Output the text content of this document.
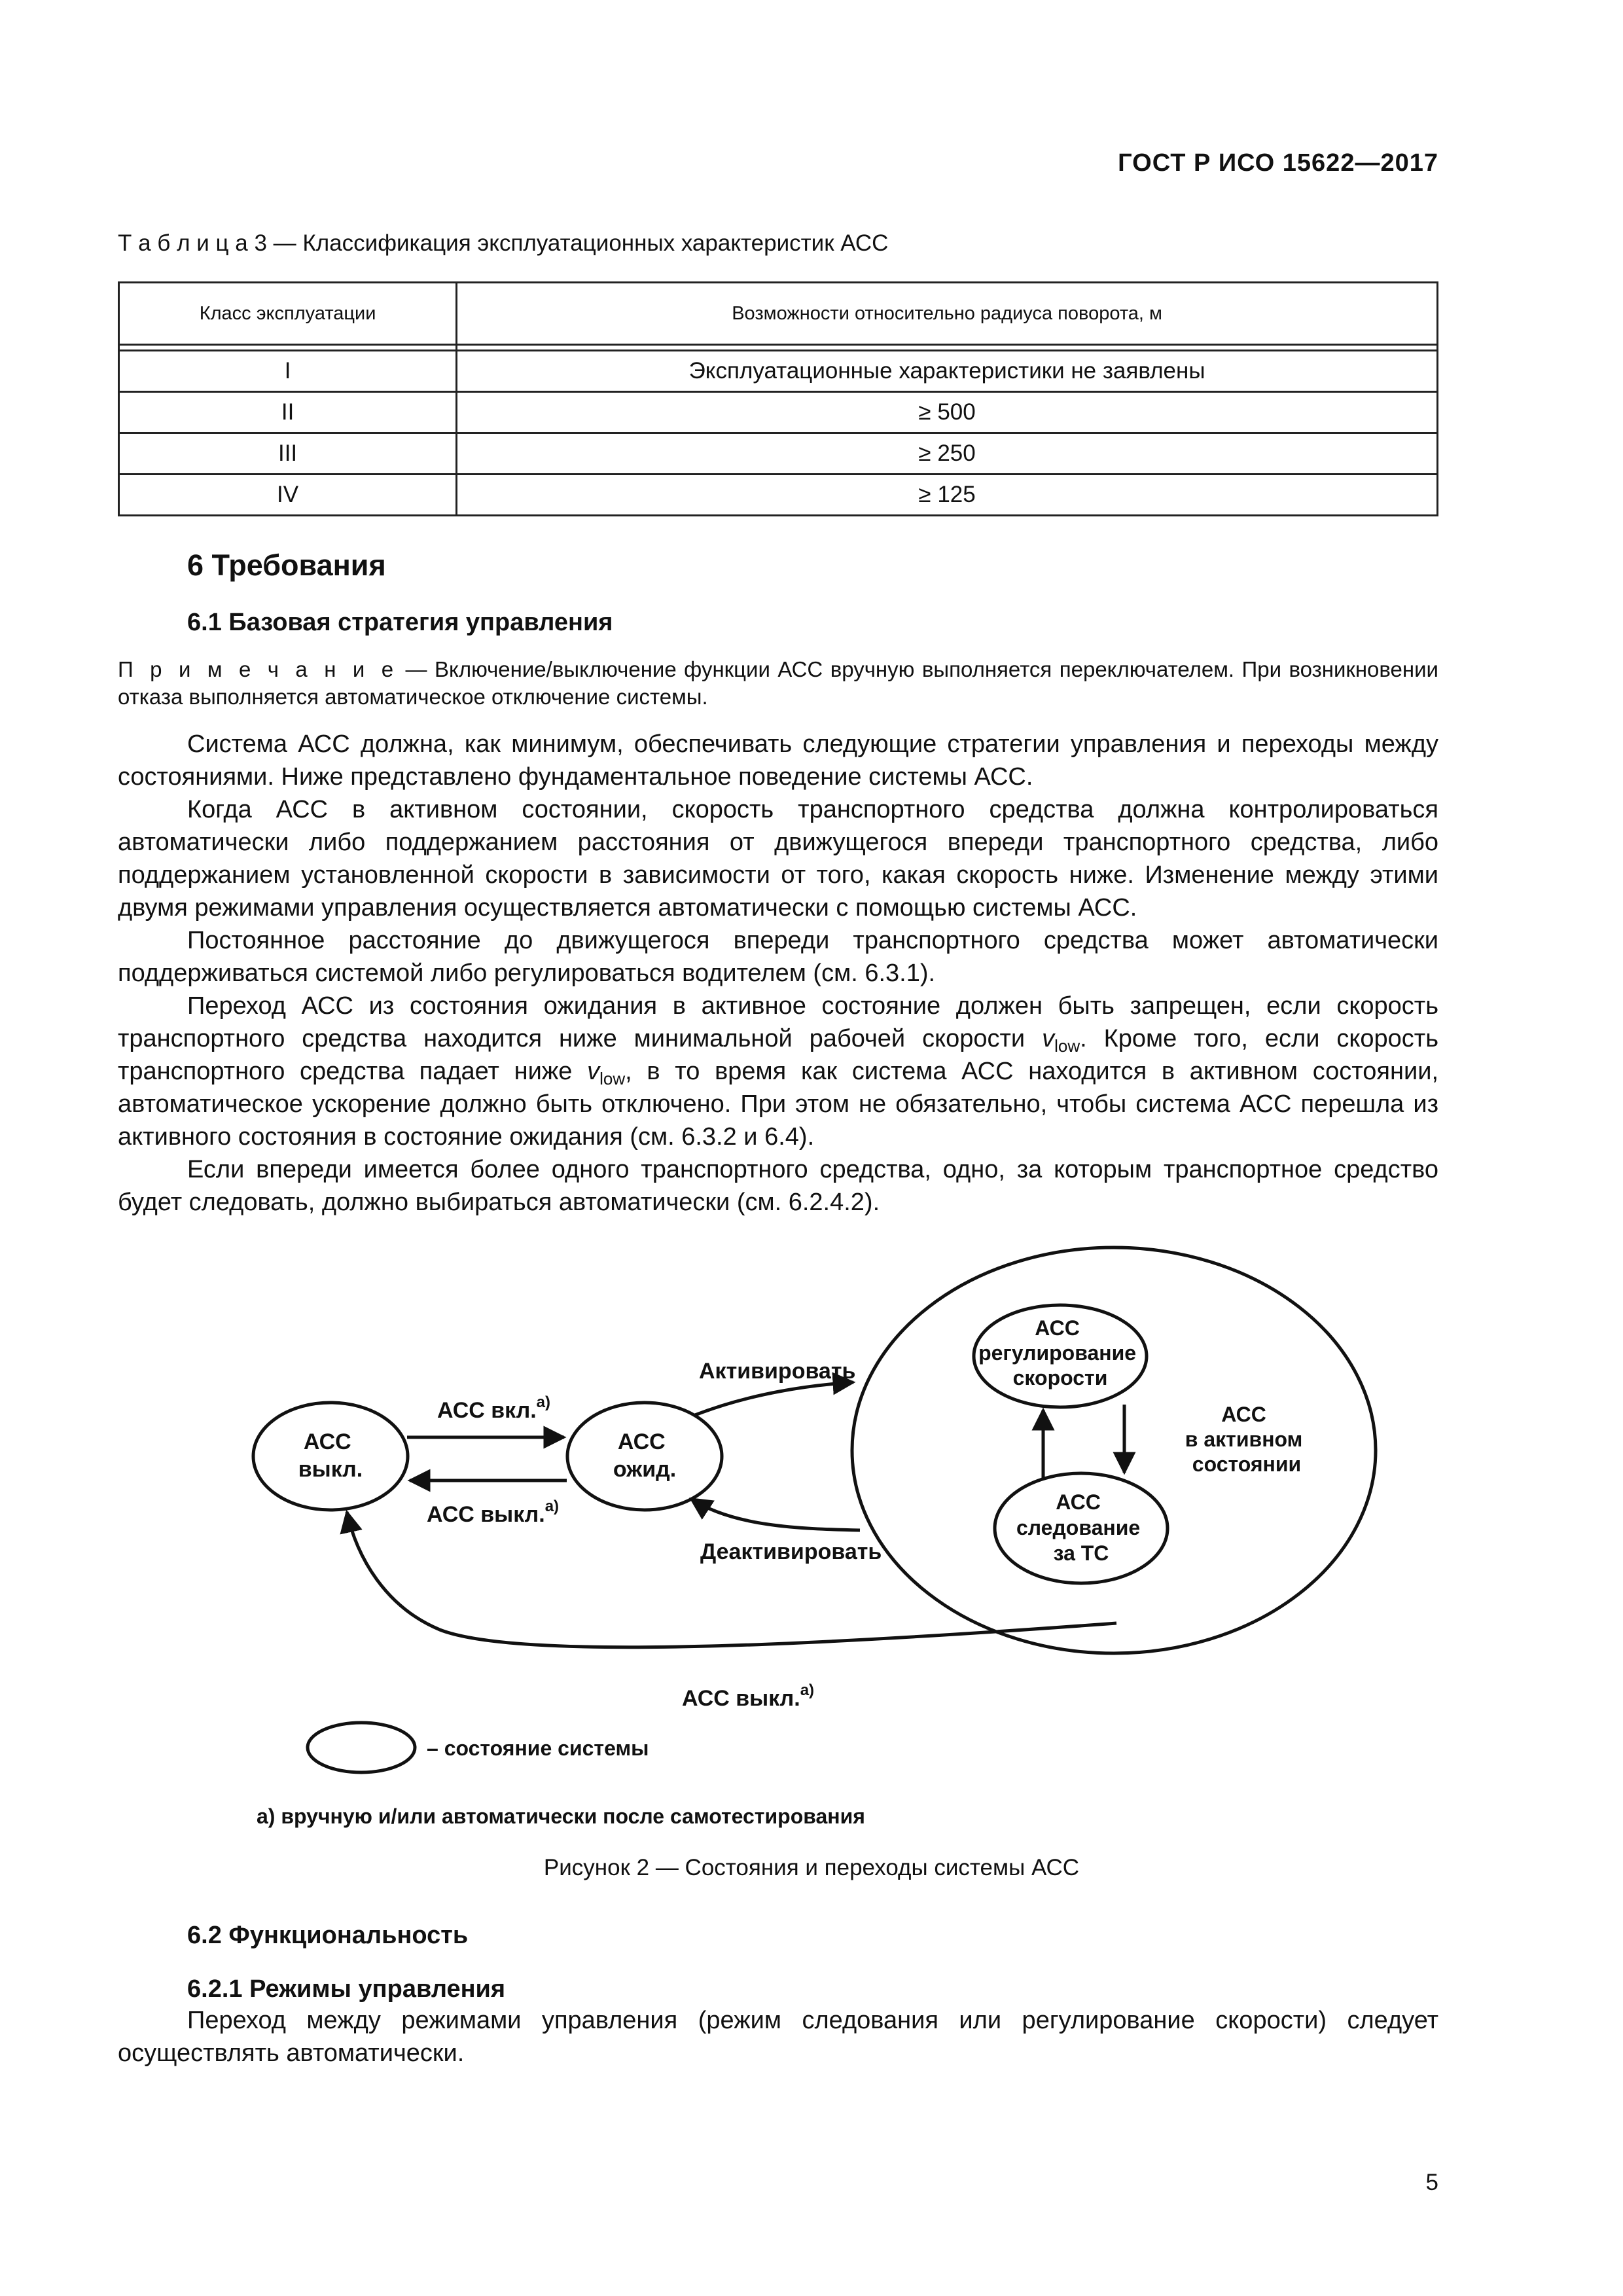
ГОСТ Р ИСО 15622—2017
Т а б л и ц а 3 — Классификация эксплуатационных характеристик АСС
Класс эксплуатации	Возможности относительно радиуса поворота, м

I	Эксплуатационные характеристики не заявлены
II	≥ 500
III	≥ 250
IV	≥ 125
6 Требования
6.1 Базовая стратегия управления
П р и м е ч а н и е — Включение/выключение функции АСС вручную выполняется переключателем. При возникновении отказа выполняется автоматическое отключение системы.

Система АСС должна, как минимум, обеспечивать следующие стратегии управления и переходы между состояниями. Ниже представлено фундаментальное поведение системы АСС.

Когда АСС в активном состоянии, скорость транспортного средства должна контролироваться автоматически либо поддержанием расстояния от движущегося впереди транспортного средства, либо поддержанием установленной скорости в зависимости от того, какая скорость ниже. Изменение между этими двумя режимами управления осуществляется автоматически с помощью системы АСС.

Постоянное расстояние до движущегося впереди транспортного средства может автоматически поддерживаться системой либо регулироваться водителем (см. 6.3.1).

Переход АСС из состояния ожидания в активное состояние должен быть запрещен, если скорость транспортного средства находится ниже минимальной рабочей скорости $v_{low}$. Кроме того, если скорость транспортного средства падает ниже $v_{low}$, в то время как система АСС находится в активном состоянии, автоматическое ускорение должно быть отключено. При этом не обязательно, чтобы система АСС перешла из активного состояния в состояние ожидания (см. 6.3.2 и 6.4).

Если впереди имеется более одного транспортного средства, одно, за которым транспортное средство будет следовать, должно выбираться автоматически (см. 6.2.4.2).

АСС выкл.
АСС ожид.
АСС регулирование скорости
АСС следование за ТС
АСС в активном состоянии
АСС вкл.$^{а)}$
АСС выкл.$^{а)}$
Активировать
Деактивировать
АСС выкл.$^{а)}$
– состояние системы
а) вручную и/или автоматически после самотестирования
Рисунок 2 — Состояния и переходы системы АСС
6.2 Функциональность
6.2.1 Режимы управления

Переход между режимами управления (режим следования или регулирование скорости) следует осуществлять автоматически.

5
